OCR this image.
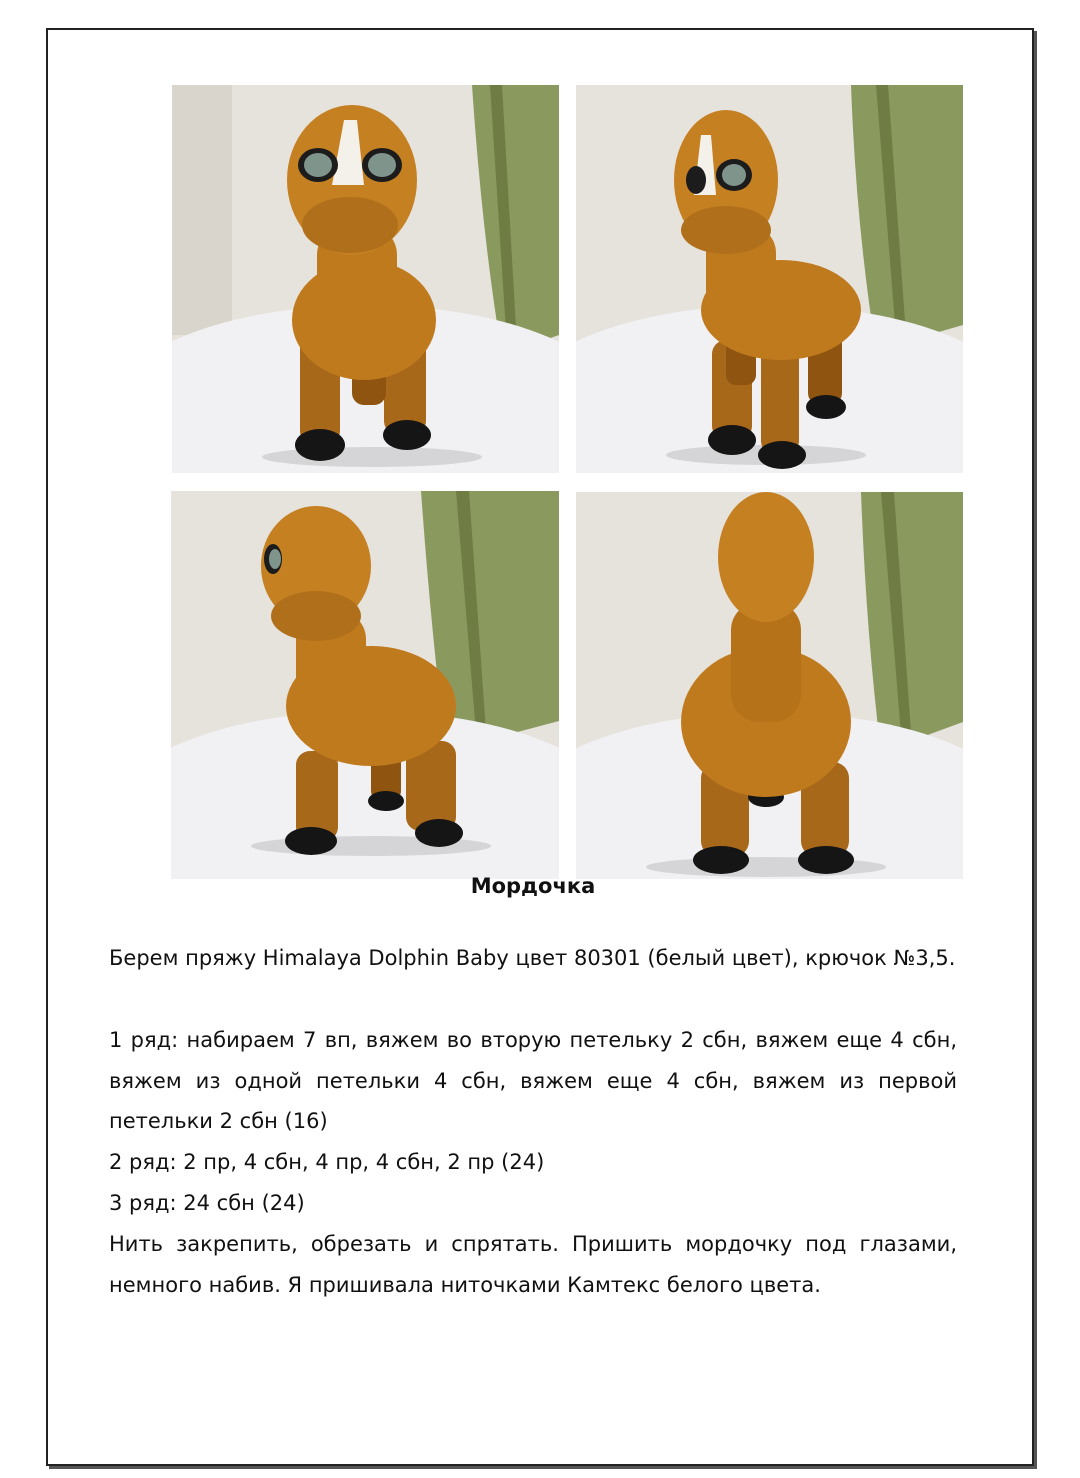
Мордочка
Берем пряжу Himalaya Dolphin Baby цвет 80301 (белый цвет), крючок №3,5.
1 ряд: набираем 7 вп, вяжем во вторую петельку 2 сбн, вяжем еще 4 сбн, вяжем из одной петельки 4 сбн, вяжем еще 4 сбн, вяжем из первой петельки 2 сбн (16)
2 ряд: 2 пр, 4 сбн, 4 пр, 4 сбн, 2 пр (24)
3 ряд: 24 сбн (24)
Нить закрепить, обрезать и спрятать. Пришить мордочку под глазами, немного набив. Я пришивала ниточками Камтекс белого цвета.
